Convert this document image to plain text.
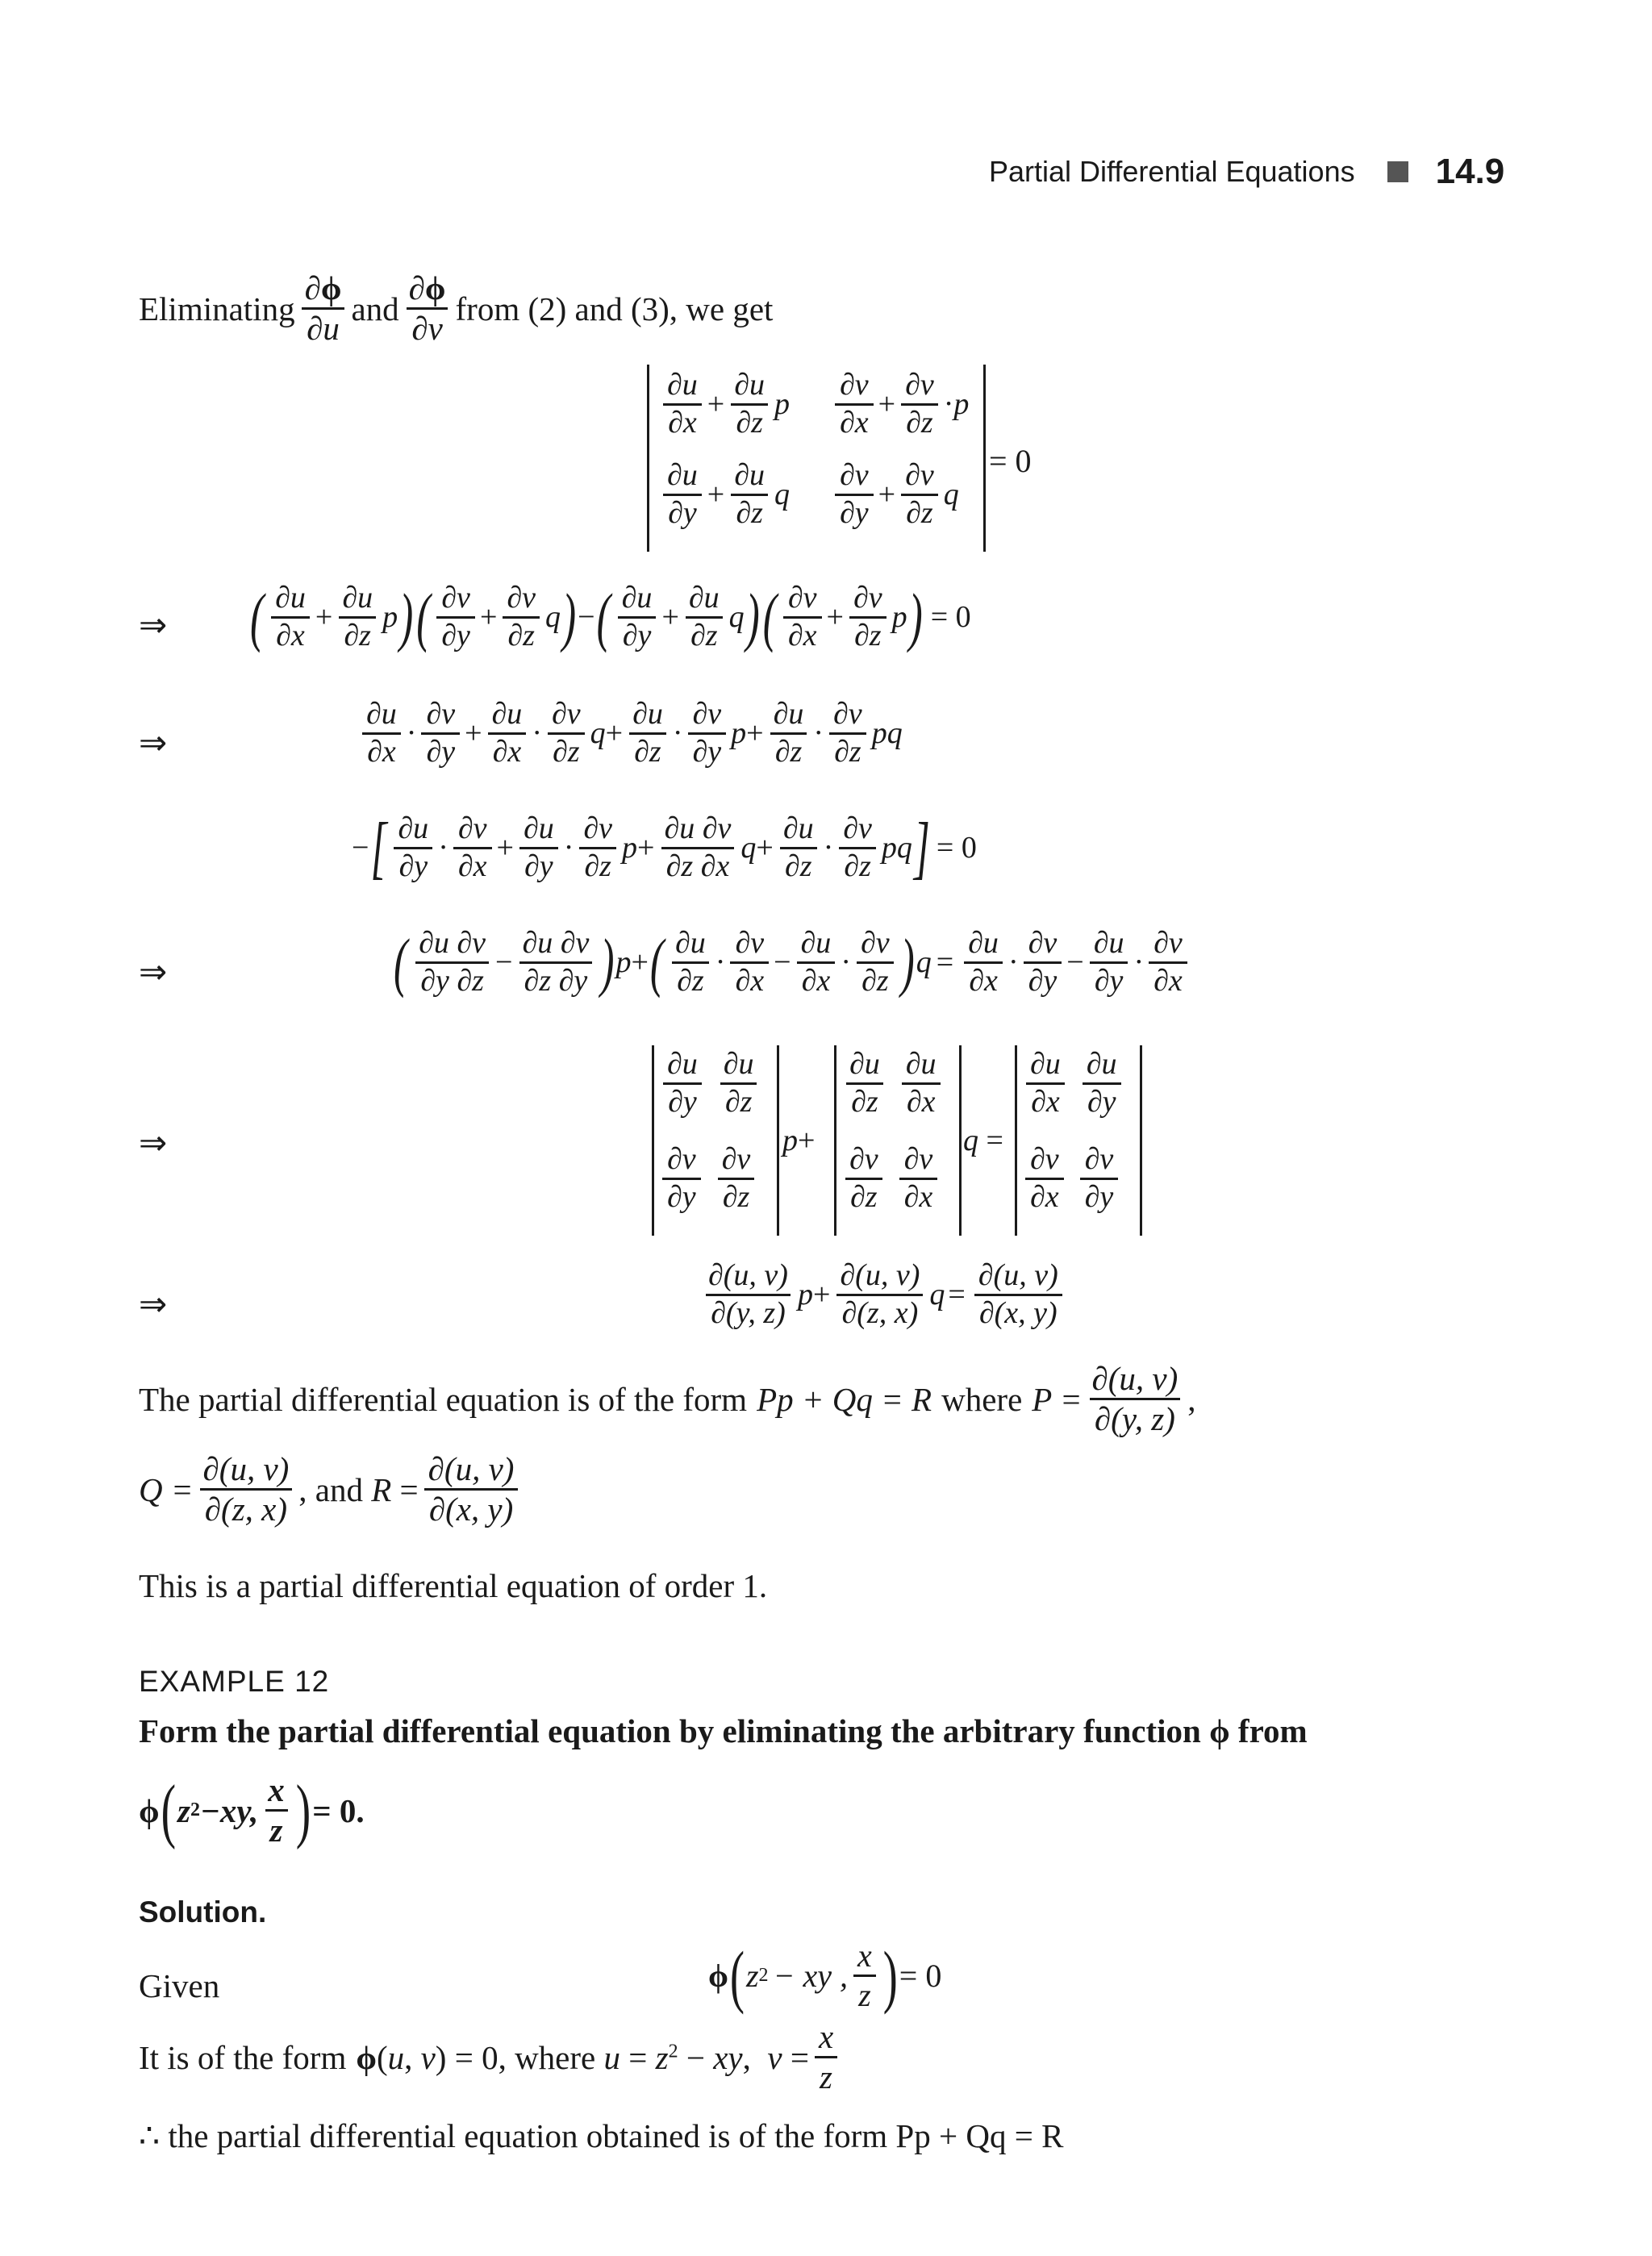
Partial Differential Equations 14.9
Eliminating
∂ϕ
∂u
and
∂ϕ
∂v
from (2) and (3), we get
∂u
∂x
+ $\frac{\partial u}{\partial z}$ p
∂v
∂x
+ $\frac{\partial v}{\partial z} \cdot p$
∂u
∂y
+ $\frac{\partial u}{\partial z}$ q
∂v
∂y
+ $\frac{\partial v}{\partial z}$ q
= 0
⇒ ( ∂u
∂x
+ $\frac{\partial u}{\partial z}$ p ) ( ∂v
∂y
+ $\frac{\partial v}{\partial z}$ q ) − ( ∂u
∂y
+ $\frac{\partial u}{\partial z}$ q ) ( ∂v
∂x
+ $\frac{\partial v}{\partial z}$ p ) = 0
⇒
∂u
∂x
·
∂v
∂y
+ $\frac{\partial u}{\partial x}$ ·
∂v
∂z
$q + \frac{\partial u}{\partial z}$ ·
∂v
∂y
$p + \frac{\partial u}{\partial z}$ ·
∂v
∂z
pq
− [ ∂u
∂y
·
∂v
∂x
+ $\frac{\partial u}{\partial y}$ ·
∂v
∂z
$p + \frac{\partial u \partial v}{\partial z \partial x}$ $q + \frac{\partial u}{\partial z}$ ·
∂v
∂z
pq ] = 0
⇒	( ∂u ∂v
∂y ∂z
− $\frac{\partial u \partial v}{\partial z \partial y}$ ) p + ( ∂u
∂z
·
∂v
∂x
− $\frac{\partial u}{\partial x}$ ·
∂v
∂z ) $q = \frac{\partial u}{\partial x}$ ·
∂v
∂y
− $\frac{\partial u}{\partial y}$ ·
∂v
∂x
⇒
∂u
∂y
∂u
∂z
∂v
∂y
∂v
∂z
p+
∂u
∂z
∂u
∂x
∂v
∂z
∂v
∂x
q =
∂u
∂x
∂u
∂y
∂v
∂x
∂v
∂y
⇒
∂(u, v)
∂(y, z)
$p + \frac{\partial(u, v)}{\partial(z, x)}$ $q = \frac{\partial(u, v)}{\partial(x, y)}$
The partial differential equation is of the form Pp + Qq = R where $P = \frac{\partial(u, v)}{\partial(y, z)}$ ,
$Q = \frac{\partial(u, v)}{\partial(z, x)}$ , and $R = \frac{\partial(u, v)}{\partial(x, y)}$
This is a partial differential equation of order 1.
EXAMPLE 12
Form the partial differential equation by eliminating the arbitrary function ϕ from
ϕ ( z 2 −xy,
x
z ) = 0.
Solution.
Given	ϕ ( z 2 − xy ,
x
z ) = 0
It is of the form ϕ(u, v) = 0, where $u = z^2$ − xy,  $v = \frac{x}{z}$
∴ the partial differential equation obtained is of the form Pp + Qq = R
